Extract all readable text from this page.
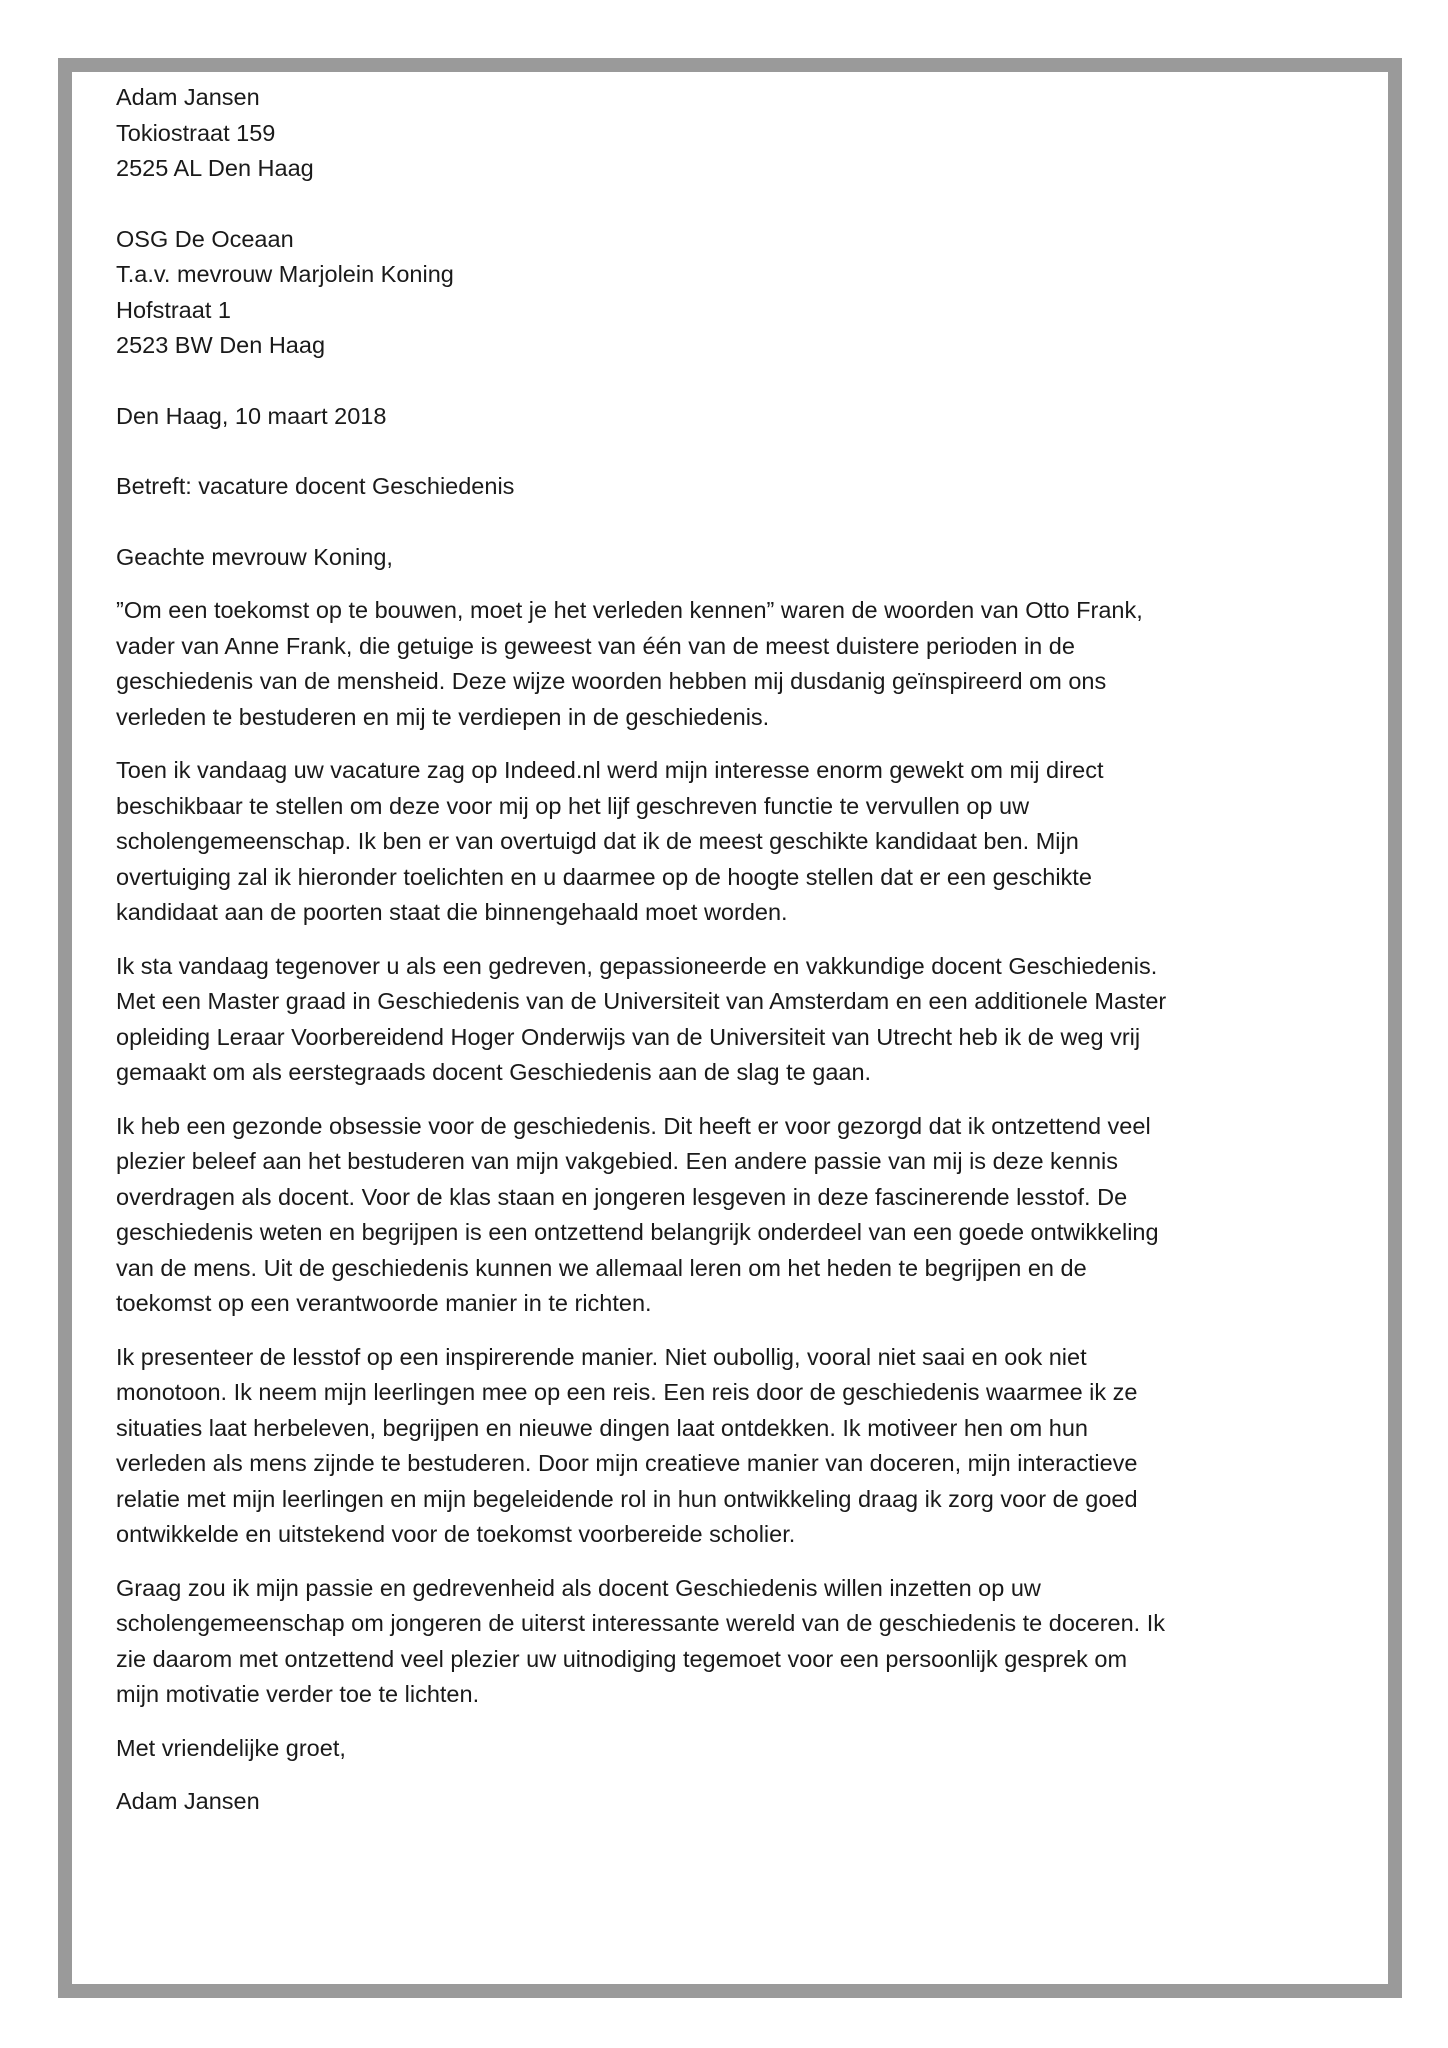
Adam Jansen
Tokiostraat 159
2525 AL Den Haag
OSG De Oceaan
T.a.v. mevrouw Marjolein Koning
Hofstraat 1
2523 BW Den Haag
Den Haag, 10 maart 2018
Betreft: vacature docent Geschiedenis
Geachte mevrouw Koning,
”Om een toekomst op te bouwen, moet je het verleden kennen” waren de woorden van Otto Frank,
vader van Anne Frank, die getuige is geweest van één van de meest duistere perioden in de
geschiedenis van de mensheid. Deze wijze woorden hebben mij dusdanig geïnspireerd om ons
verleden te bestuderen en mij te verdiepen in de geschiedenis.
Toen ik vandaag uw vacature zag op Indeed.nl werd mijn interesse enorm gewekt om mij direct
beschikbaar te stellen om deze voor mij op het lijf geschreven functie te vervullen op uw
scholengemeenschap. Ik ben er van overtuigd dat ik de meest geschikte kandidaat ben. Mijn
overtuiging zal ik hieronder toelichten en u daarmee op de hoogte stellen dat er een geschikte
kandidaat aan de poorten staat die binnengehaald moet worden.
Ik sta vandaag tegenover u als een gedreven, gepassioneerde en vakkundige docent Geschiedenis.
Met een Master graad in Geschiedenis van de Universiteit van Amsterdam en een additionele Master
opleiding Leraar Voorbereidend Hoger Onderwijs van de Universiteit van Utrecht heb ik de weg vrij
gemaakt om als eerstegraads docent Geschiedenis aan de slag te gaan.
Ik heb een gezonde obsessie voor de geschiedenis. Dit heeft er voor gezorgd dat ik ontzettend veel
plezier beleef aan het bestuderen van mijn vakgebied. Een andere passie van mij is deze kennis
overdragen als docent. Voor de klas staan en jongeren lesgeven in deze fascinerende lesstof. De
geschiedenis weten en begrijpen is een ontzettend belangrijk onderdeel van een goede ontwikkeling
van de mens. Uit de geschiedenis kunnen we allemaal leren om het heden te begrijpen en de
toekomst op een verantwoorde manier in te richten.
Ik presenteer de lesstof op een inspirerende manier. Niet oubollig, vooral niet saai en ook niet
monotoon. Ik neem mijn leerlingen mee op een reis. Een reis door de geschiedenis waarmee ik ze
situaties laat herbeleven, begrijpen en nieuwe dingen laat ontdekken. Ik motiveer hen om hun
verleden als mens zijnde te bestuderen. Door mijn creatieve manier van doceren, mijn interactieve
relatie met mijn leerlingen en mijn begeleidende rol in hun ontwikkeling draag ik zorg voor de goed
ontwikkelde en uitstekend voor de toekomst voorbereide scholier.
Graag zou ik mijn passie en gedrevenheid als docent Geschiedenis willen inzetten op uw
scholengemeenschap om jongeren de uiterst interessante wereld van de geschiedenis te doceren. Ik
zie daarom met ontzettend veel plezier uw uitnodiging tegemoet voor een persoonlijk gesprek om
mijn motivatie verder toe te lichten.
Met vriendelijke groet,
Adam Jansen
